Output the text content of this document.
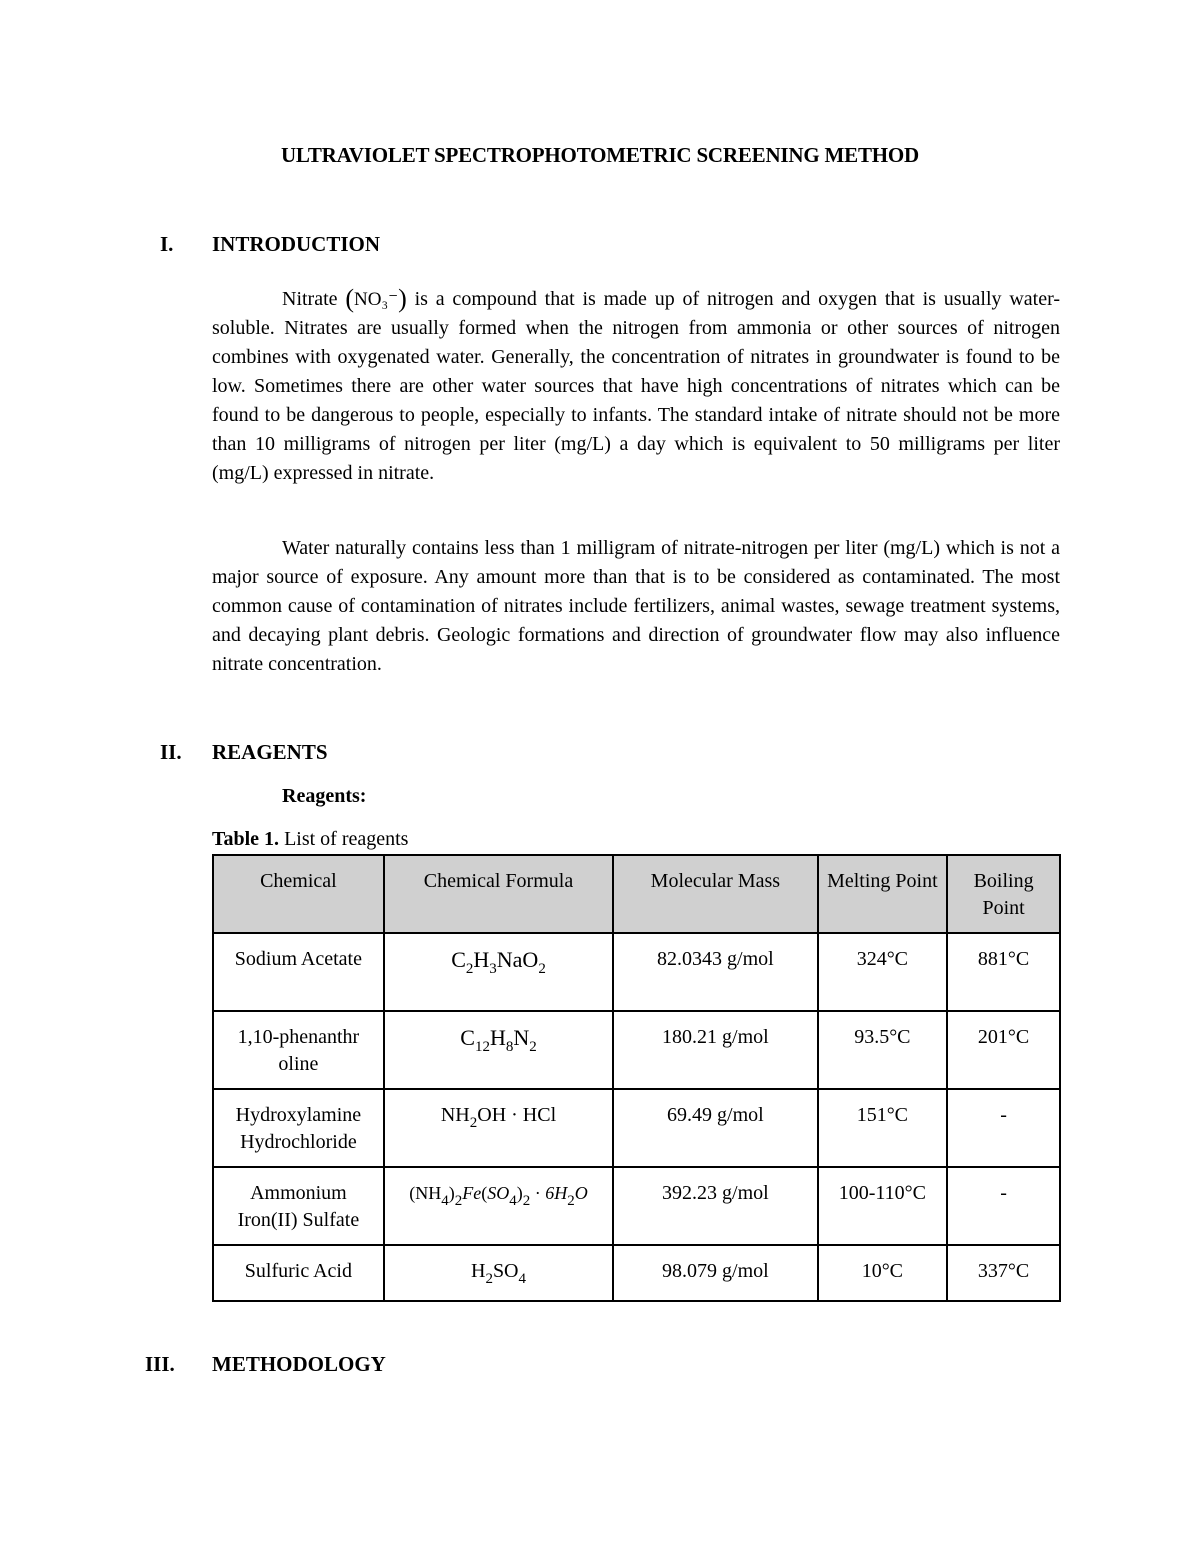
ULTRAVIOLET SPECTROPHOTOMETRIC SCREENING METHOD
I. INTRODUCTION

Nitrate (NO₃⁻) is a compound that is made up of nitrogen and oxygen that is usually water-soluble. Nitrates are usually formed when the nitrogen from ammonia or other sources of nitrogen combines with oxygenated water. Generally, the concentration of nitrates in groundwater is found to be low. Sometimes there are other water sources that have high concentrations of nitrates which can be found to be dangerous to people, especially to infants. The standard intake of nitrate should not be more than 10 milligrams of nitrogen per liter (mg/L) a day which is equivalent to 50 milligrams per liter (mg/L) expressed in nitrate.

Water naturally contains less than 1 milligram of nitrate-nitrogen per liter (mg/L) which is not a major source of exposure. Any amount more than that is to be considered as contaminated. The most common cause of contamination of nitrates include fertilizers, animal wastes, sewage treatment systems, and decaying plant debris. Geologic formations and direction of groundwater flow may also influence nitrate concentration.

II. REAGENTS
Reagents:
Table 1. List of reagents
Chemical	Chemical Formula	Molecular Mass	Melting Point	Boiling Point
Sodium Acetate	$C_2H_3NaO_2$	82.0343 g/mol	324°C	881°C
1,10-phenanthr oline	$C_{12}H_8N_2$	180.21 g/mol	93.5°C	201°C
Hydroxylamine Hydrochloride	$NH_2OH$ · HCl	69.49 g/mol	151°C	-
Ammonium Iron(II) Sulfate	$(NH_4)_2Fe(SO_4)_2 \cdot 6H_2O$	392.23 g/mol	100-110°C	-
Sulfuric Acid	$H_2SO_4$	98.079 g/mol	10°C	337°C
III. METHODOLOGY
